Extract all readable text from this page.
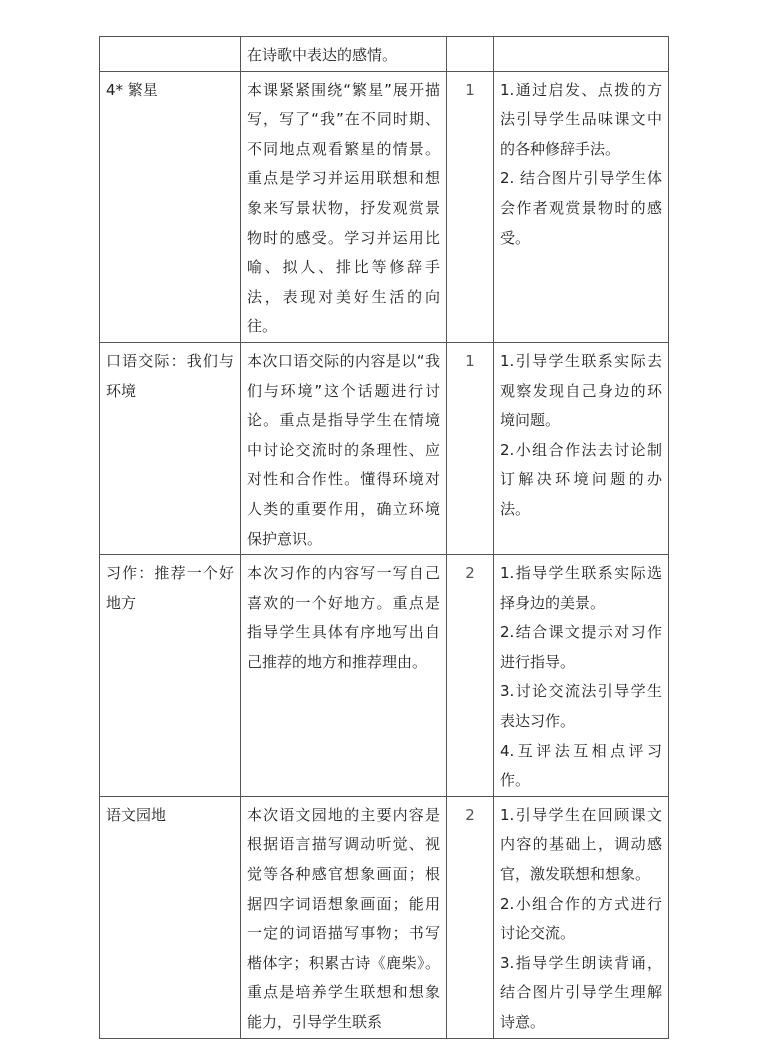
	在诗歌中表达的感情。		
4* 繁星	本课紧紧围绕“繁星”展开描写，写了“我”在不同时期、不同地点观看繁星的情景。重点是学习并运用联想和想象来写景状物，抒发观赏景物时的感受。学习并运用比喻、拟人、排比等修辞手法，表现对美好生活的向往。	1	1.通过启发、点拨的方法引导学生品味课文中的各种修辞手法。

2. 结合图片引导学生体会作者观赏景物时的感受。

口语交际：我们与环境	本次口语交际的内容是以“我们与环境”这个话题进行讨论。重点是指导学生在情境中讨论交流时的条理性、应对性和合作性。懂得环境对人类的重要作用，确立环境保护意识。	1	1.引导学生联系实际去观察发现自己身边的环境问题。

2.小组合作法去讨论制订解决环境问题的办法。

习作：推荐一个好地方	本次习作的内容写一写自己喜欢的一个好地方。重点是指导学生具体有序地写出自己推荐的地方和推荐理由。	2	1.指导学生联系实际选择身边的美景。

2.结合课文提示对习作进行指导。

3.讨论交流法引导学生表达习作。

4.互评法互相点评习作。

语文园地	本次语文园地的主要内容是根据语言描写调动听觉、视觉等各种感官想象画面；根据四字词语想象画面；能用一定的词语描写事物；书写楷体字；积累古诗《鹿柴》。重点是培养学生联想和想象能力，引导学生联系	2	1.引导学生在回顾课文内容的基础上，调动感官，激发联想和想象。

2.小组合作的方式进行讨论交流。

3.指导学生朗读背诵，结合图片引导学生理解诗意。
